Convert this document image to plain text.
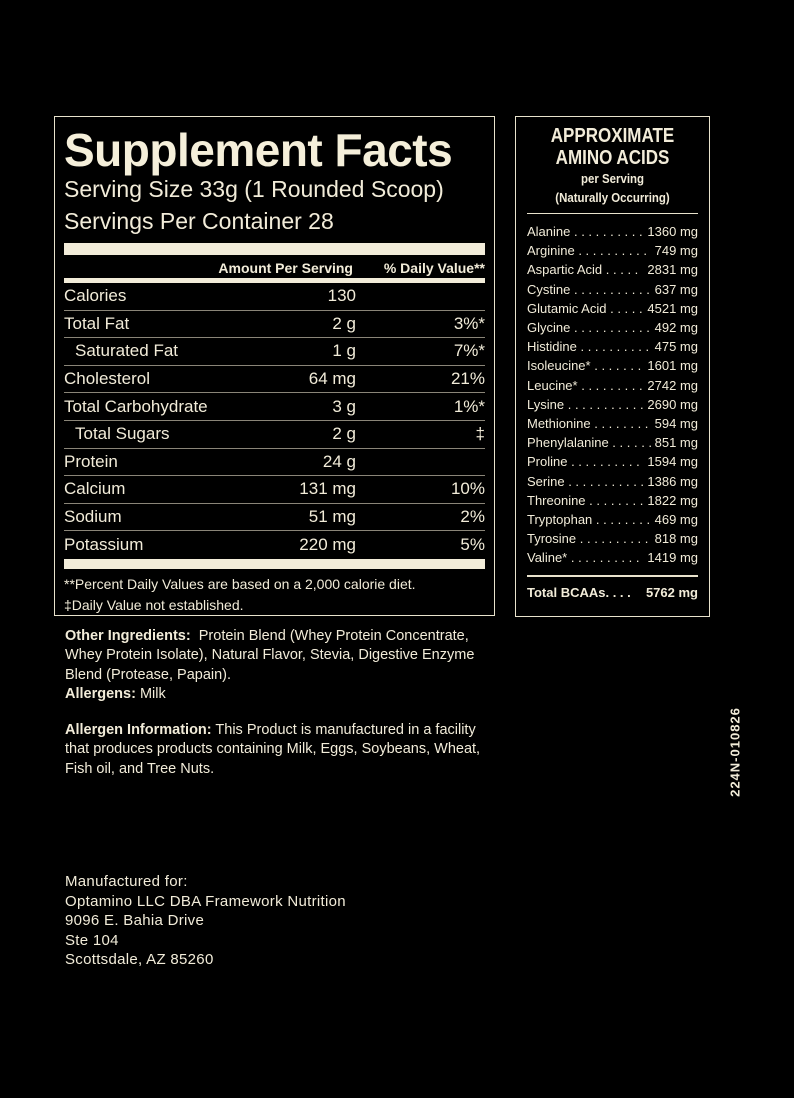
Supplement Facts
Serving Size 33g (1 Rounded Scoop)
Servings Per Container 28
Amount Per Serving	% Daily Value**
Calories	130
Total Fat	2 g	3%*
Saturated Fat	1 g	7%*
Cholesterol	64 mg	21%
Total Carbohydrate	3 g	1%*
Total Sugars	2 g	‡
Protein	24 g
Calcium	131 mg	10%
Sodium	51 mg	2%
Potassium	220 mg	5%
**Percent Daily Values are based on a 2,000 calorie diet.
‡Daily Value not established.
APPROXIMATE
AMINO ACIDS
per Serving
(Naturally Occurring)
Alanine . . .	1360 mg
Arginine . . .	749 mg
Aspartic Acid . . .	2831 mg
Cystine . . .	637 mg
Glutamic Acid . . .	4521 mg
Glycine . . .	492 mg
Histidine . . .	475 mg
Isoleucine* . . .	1601 mg
Leucine* . . .	2742 mg
Lysine . . .	2690 mg
Methionine . . .	594 mg
Phenylalanine . . .	851 mg
Proline . . .	1594 mg
Serine . . .	1386 mg
Threonine . . .	1822 mg
Tryptophan . . .	469 mg
Tyrosine . . .	818 mg
Valine* . . .	1419 mg
Total BCAAs. . . . 5762 mg
Other Ingredients: Protein Blend (Whey Protein Concentrate, Whey Protein Isolate), Natural Flavor, Stevia, Digestive Enzyme Blend (Protease, Papain).
Allergens: Milk
Allergen Information: This Product is manufactured in a facility that produces products containing Milk, Eggs, Soybeans, Wheat, Fish oil, and Tree Nuts.
Manufactured for:
Optamino LLC DBA Framework Nutrition
9096 E. Bahia Drive
Ste 104
Scottsdale, AZ 85260
224N-010826
